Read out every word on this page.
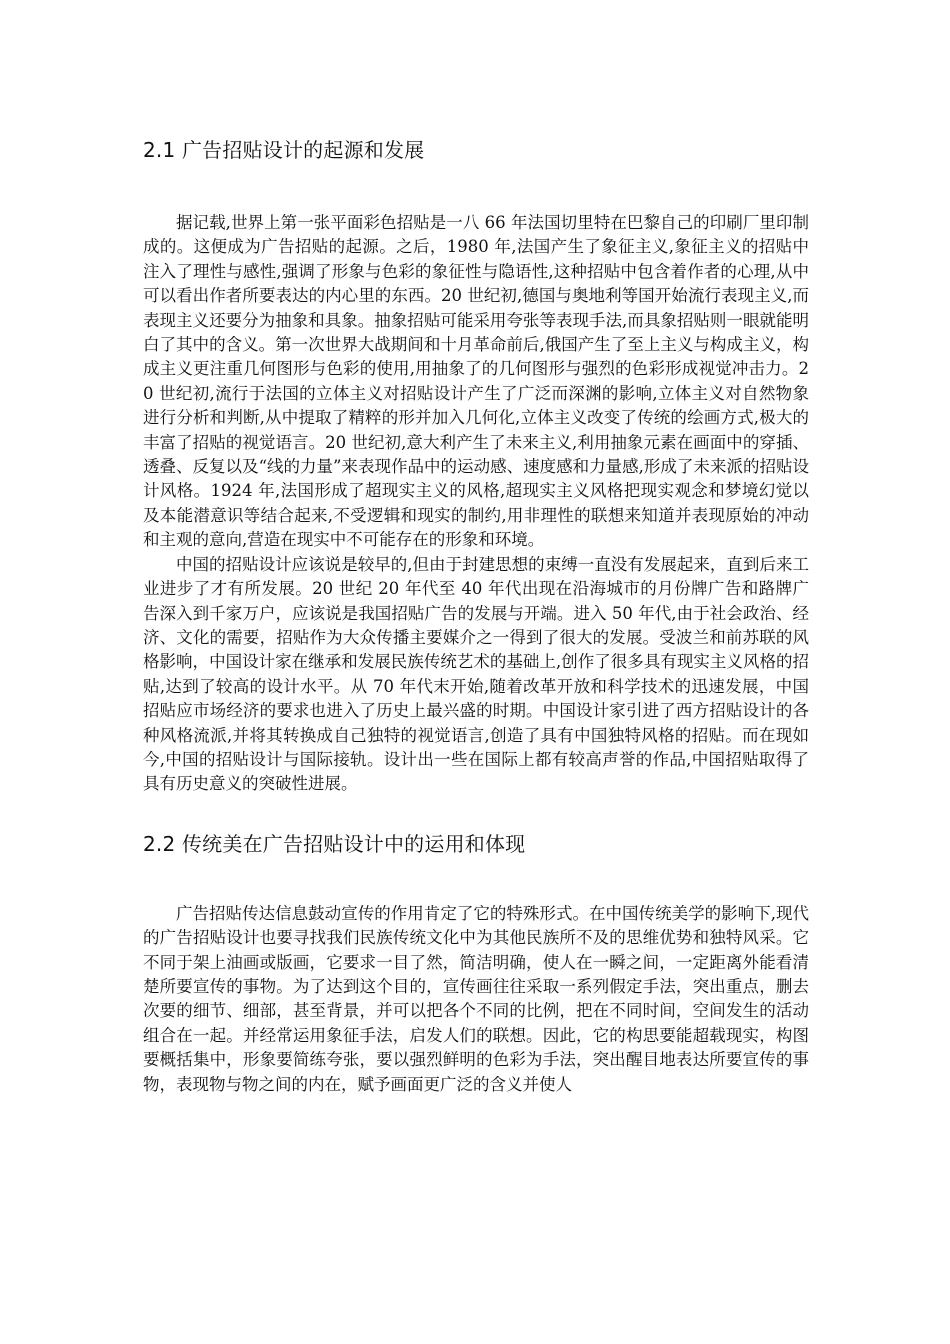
2.1 广告招贴设计的起源和发展

据记载,世界上第一张平面彩色招贴是一八 66 年法国切里特在巴黎自己的印刷厂里印制成的。这便成为广告招贴的起源。之后，1980 年,法国产生了象征主义,象征主义的招贴中注入了理性与感性,强调了形象与色彩的象征性与隐语性,这种招贴中包含着作者的心理,从中可以看出作者所要表达的内心里的东西。20 世纪初,德国与奥地利等国开始流行表现主义,而表现主义还要分为抽象和具象。抽象招贴可能采用夸张等表现手法,而具象招贴则一眼就能明白了其中的含义。第一次世界大战期间和十月革命前后,俄国产生了至上主义与构成主义，构成主义更注重几何图形与色彩的使用,用抽象了的几何图形与强烈的色彩形成视觉冲击力。20 世纪初,流行于法国的立体主义对招贴设计产生了广泛而深渊的影响,立体主义对自然物象进行分析和判断,从中提取了精粹的形并加入几何化,立体主义改变了传统的绘画方式,极大的丰富了招贴的视觉语言。20 世纪初,意大利产生了未来主义,利用抽象元素在画面中的穿插、透叠、反复以及“线的力量”来表现作品中的运动感、速度感和力量感,形成了未来派的招贴设计风格。1924 年,法国形成了超现实主义的风格,超现实主义风格把现实观念和梦境幻觉以及本能潜意识等结合起来,不受逻辑和现实的制约,用非理性的联想来知道并表现原始的冲动和主观的意向,营造在现实中不可能存在的形象和环境。

中国的招贴设计应该说是较早的,但由于封建思想的束缚一直没有发展起来，直到后来工业进步了才有所发展。20 世纪 20 年代至 40 年代出现在沿海城市的月份牌广告和路牌广告深入到千家万户，应该说是我国招贴广告的发展与开端。进入 50 年代,由于社会政治、经济、文化的需要，招贴作为大众传播主要媒介之一得到了很大的发展。受波兰和前苏联的风格影响，中国设计家在继承和发展民族传统艺术的基础上,创作了很多具有现实主义风格的招贴,达到了较高的设计水平。从 70 年代末开始,随着改革开放和科学技术的迅速发展，中国招贴应市场经济的要求也进入了历史上最兴盛的时期。中国设计家引进了西方招贴设计的各种风格流派,并将其转换成自己独特的视觉语言,创造了具有中国独特风格的招贴。而在现如今,中国的招贴设计与国际接轨。设计出一些在国际上都有较高声誉的作品,中国招贴取得了具有历史意义的突破性进展。

2.2 传统美在广告招贴设计中的运用和体现

广告招贴传达信息鼓动宣传的作用肯定了它的特殊形式。在中国传统美学的影响下,现代的广告招贴设计也要寻找我们民族传统文化中为其他民族所不及的思维优势和独特风采。它不同于架上油画或版画，它要求一目了然，简洁明确，使人在一瞬之间，一定距离外能看清楚所要宣传的事物。为了达到这个目的，宣传画往往采取一系列假定手法，突出重点，删去次要的细节、细部，甚至背景，并可以把各个不同的比例，把在不同时间，空间发生的活动组合在一起。并经常运用象征手法，启发人们的联想。因此，它的构思要能超载现实，构图要概括集中，形象要简练夸张，要以强烈鲜明的色彩为手法，突出醒目地表达所要宣传的事物，表现物与物之间的内在，赋予画面更广泛的含义并使人
